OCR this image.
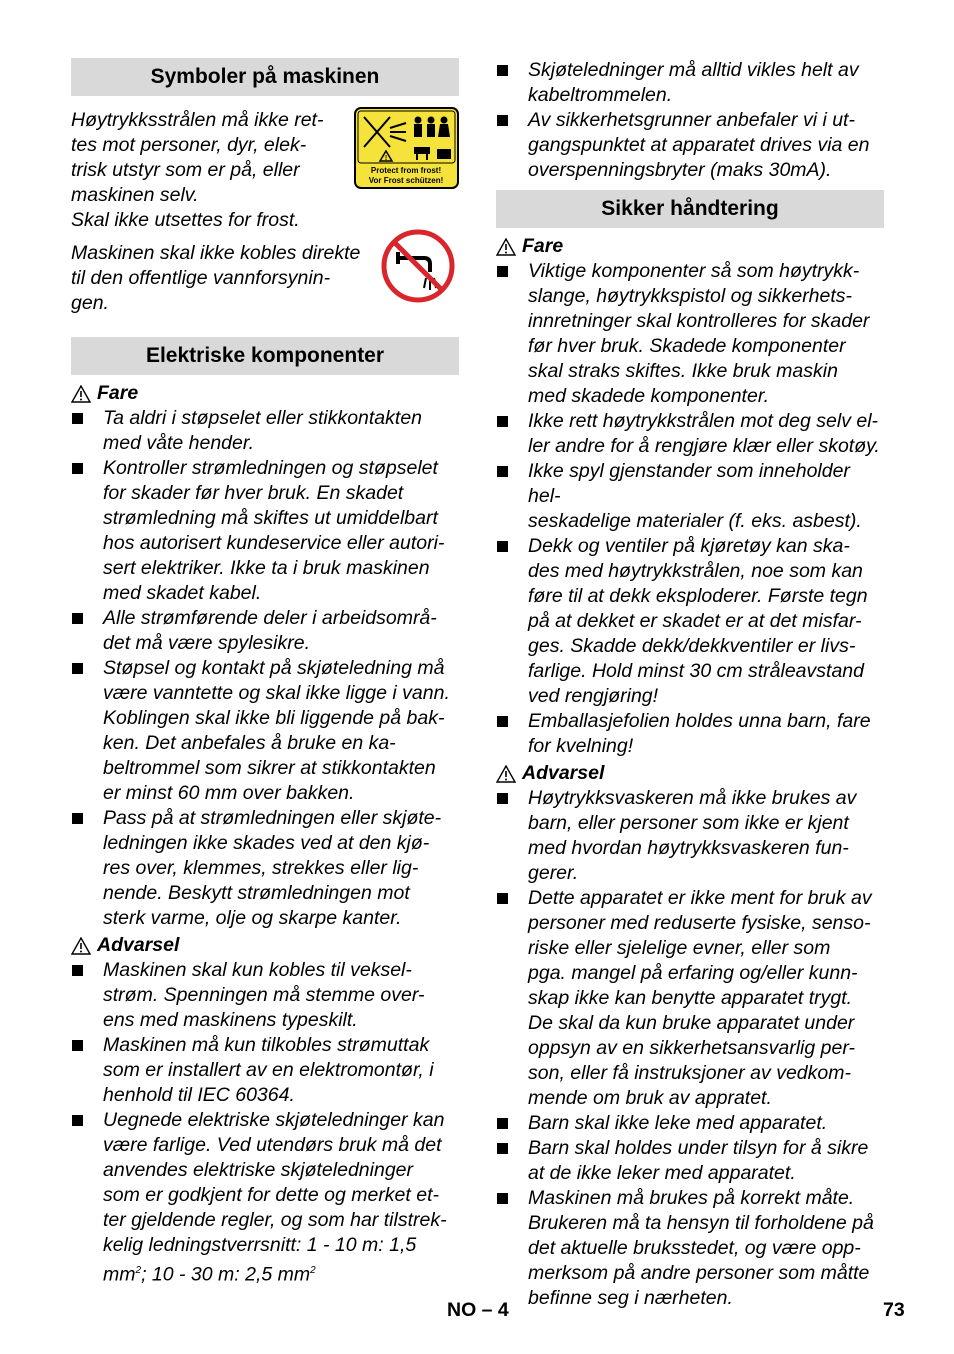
Symboler på maskinen
Høytrykksstrålen må ikke ret-
tes mot personer, dyr, elek-
trisk utstyr som er på, eller
maskinen selv.
!
Protect from frost!
Vor Frost schützen!
Skal ikke utsettes for frost.
Maskinen skal ikke kobles direkte
til den offentlige vannforsynin-
gen.
Elektriske komponenter
Fare
Ta aldri i støpselet eller stikkontakten
med våte hender.
Kontroller strømledningen og støpselet
for skader før hver bruk. En skadet
strømledning må skiftes ut umiddelbart
hos autorisert kundeservice eller autori-
sert elektriker. Ikke ta i bruk maskinen
med skadet kabel.
Alle strømførende deler i arbeidsområ-
det må være spylesikre.
Støpsel og kontakt på skjøteledning må
være vanntette og skal ikke ligge i vann.
Koblingen skal ikke bli liggende på bak-
ken. Det anbefales å bruke en ka-
beltrommel som sikrer at stikkontakten
er minst 60 mm over bakken.
Pass på at strømledningen eller skjøte-
ledningen ikke skades ved at den kjø-
res over, klemmes, strekkes eller lig-
nende. Beskytt strømledningen mot
sterk varme, olje og skarpe kanter.
Advarsel
Maskinen skal kun kobles til veksel-
strøm. Spenningen må stemme over-
ens med maskinens typeskilt.
Maskinen må kun tilkobles strømuttak
som er installert av en elektromontør, i
henhold til IEC 60364.
Uegnede elektriske skjøteledninger kan
være farlige. Ved utendørs bruk må det
anvendes elektriske skjøteledninger
som er godkjent for dette og merket et-
ter gjeldende regler, og som har tilstrek-
kelig ledningstverrsnitt: 1 - 10 m: 1,5
$mm^2$; 10 - 30 m: 2,5 $mm^2$
Skjøteledninger må alltid vikles helt av
kabeltrommelen.
Av sikkerhetsgrunner anbefaler vi i ut-
gangspunktet at apparatet drives via en
overspenningsbryter (maks 30mA).
Sikker håndtering
Fare
Viktige komponenter så som høytrykk-
slange, høytrykkspistol og sikkerhets-
innretninger skal kontrolleres for skader
før hver bruk. Skadede komponenter
skal straks skiftes. Ikke bruk maskin
med skadede komponenter.
Ikke rett høytrykkstrålen mot deg selv el-
ler andre for å rengjøre klær eller skotøy.
Ikke spyl gjenstander som inneholder hel-
seskadelige materialer (f. eks. asbest).
Dekk og ventiler på kjøretøy kan ska-
des med høytrykkstrålen, noe som kan
føre til at dekk eksploderer. Første tegn
på at dekket er skadet er at det misfar-
ges. Skadde dekk/dekkventiler er livs-
farlige. Hold minst 30 cm stråleavstand
ved rengjøring!
Emballasjefolien holdes unna barn, fare
for kvelning!
Advarsel
Høytrykksvaskeren må ikke brukes av
barn, eller personer som ikke er kjent
med hvordan høytrykksvaskeren fun-
gerer.
Dette apparatet er ikke ment for bruk av
personer med reduserte fysiske, senso-
riske eller sjelelige evner, eller som
pga. mangel på erfaring og/eller kunn-
skap ikke kan benytte apparatet trygt.
De skal da kun bruke apparatet under
oppsyn av en sikkerhetsansvarlig per-
son, eller få instruksjoner av vedkom-
mende om bruk av appratet.
Barn skal ikke leke med apparatet.
Barn skal holdes under tilsyn for å sikre
at de ikke leker med apparatet.
Maskinen må brukes på korrekt måte.
Brukeren må ta hensyn til forholdene på
det aktuelle bruksstedet, og være opp-
merksom på andre personer som måtte
befinne seg i nærheten.
NO – 4	73
